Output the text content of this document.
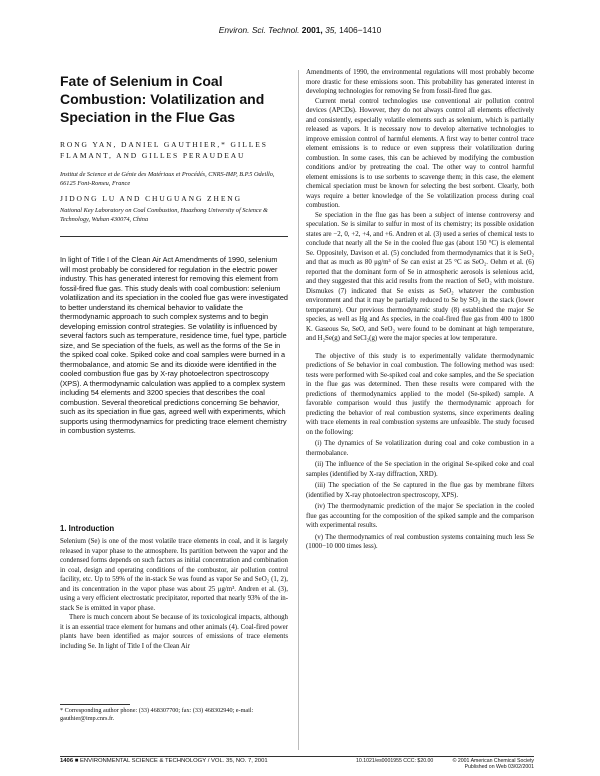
Environ. Sci. Technol. 2001, 35, 1406−1410
Fate of Selenium in Coal Combustion: Volatilization and Speciation in the Flue Gas
RONG YAN, DANIEL GAUTHIER,* GILLES FLAMANT, AND GILLES PERAUDEAU
Institut de Science et de Génie des Matériaux et Procédés, CNRS-IMP, B.P.5 Odeillo, 66125 Font-Romeu, France
JIDONG LU AND CHUGUANG ZHENG
National Key Laboratory on Coal Combustion, Huazhong University of Science & Technology, Wuhan 430074, China

In light of Title I of the Clean Air Act Amendments of 1990, selenium will most probably be considered for regulation in the electric power industry. This has generated interest for removing this element from fossil-fired flue gas. This study deals with coal combustion: selenium volatilization and its speciation in the cooled flue gas were investigated to better understand its chemical behavior to validate the thermodynamic approach to such complex systems and to begin developing emission control strategies. Se volatility is influenced by several factors such as temperature, residence time, fuel type, particle size, and Se speciation of the fuels, as well as the forms of the Se in the spiked coal coke. Spiked coke and coal samples were burned in a thermobalance, and atomic Se and its dioxide were identified in the cooled combustion flue gas by X-ray photoelectron spectroscopy (XPS). A thermodynamic calculation was applied to a complex system including 54 elements and 3200 species that describes the coal combustion. Several theoretical predictions concerning Se behavior, such as its speciation in flue gas, agreed well with experiments, which supports using thermodynamics for predicting trace element chemistry in combustion systems.

1. Introduction

Selenium (Se) is one of the most volatile trace elements in coal, and it is largely released in vapor phase to the atmosphere. Its partition between the vapor and the condensed forms depends on such factors as initial concentration and combination in coal, design and operating conditions of the combustor, air pollution control facility, etc. Up to 59% of the in-stack Se was found as vapor Se and SeO₂ (1, 2), and its concentration in the vapor phase was about 25 μg/m³. Andren et al. (3), using a very efficient electrostatic precipitator, reported that nearly 93% of the in-stack Se is emitted in vapor phase.

There is much concern about Se because of its toxicological impacts, although it is an essential trace element for humans and other animals (4). Coal-fired power plants have been identified as major sources of emissions of trace elements including Se. In light of Title I of the Clean Air

* Corresponding author phone: (33) 468307700; fax: (33) 468302940; e-mail: gauthier@imp.cnrs.fr.

Amendments of 1990, the environmental regulations will most probably become more drastic for these emissions soon. This probability has generated interest in developing technologies for removing Se from fossil-fired flue gas.

Current metal control technologies use conventional air pollution control devices (APCDs). However, they do not always control all elements effectively and consistently, especially volatile elements such as selenium, which is partially released as vapors. It is necessary now to develop alternative technologies to improve emission control of harmful elements. A first way to better control trace element emissions is to reduce or even suppress their volatilization during combustion. In some cases, this can be achieved by modifying the combustion conditions and/or by pretreating the coal. The other way to control harmful element emissions is to use sorbents to scavenge them; in this case, the element chemical speciation must be known for selecting the best sorbent. Clearly, both ways require a better knowledge of the Se volatilization process during coal combustion.

Se speciation in the flue gas has been a subject of intense controversy and speculation. Se is similar to sulfur in most of its chemistry; its possible oxidation states are −2, 0, +2, +4, and +6. Andren et al. (3) used a series of chemical tests to conclude that nearly all the Se in the cooled flue gas (about 150 °C) is elemental Se. Oppositely, Davison et al. (5) concluded from thermodynamics that it is SeO₂ and that as much as 80 μg/m³ of Se can exist at 25 °C as SeO₂. Oehm et al. (6) reported that the dominant form of Se in atmospheric aerosols is selenious acid, and they suggested that this acid results from the reaction of SeO₂ with moisture. Dismukes (7) indicated that Se exists as SeO₂ whatever the combustion environment and that it may be partially reduced to Se by SO₂ in the stack (lower temperature). Our previous thermodynamic study (8) established the major Se species, as well as Hg and As species, in the coal-fired flue gas from 400 to 1800 K. Gaseous Se, SeO, and SeO₂ were found to be dominant at high temperature, and H₂Se(g) and SeCl₂(g) were the major species at low temperature.

The objective of this study is to experimentally validate thermodynamic predictions of Se behavior in coal combustion. The following method was used: tests were performed with Se-spiked coal and coke samples, and the Se speciation in the flue gas was determined. Then these results were compared with the predictions of thermodynamics applied to the model (Se-spiked) sample. A favorable comparison would thus justify the thermodynamic approach for predicting the behavior of real combustion systems, since experiments dealing with trace elements in real combustion systems are unfeasible. The study focused on the following:

(i) The dynamics of Se volatilization during coal and coke combustion in a thermobalance.

(ii) The influence of the Se speciation in the original Se-spiked coke and coal samples (identified by X-ray diffraction, XRD).

(iii) The speciation of the Se captured in the flue gas by membrane filters (identified by X-ray photoelectron spectroscopy, XPS).

(iv) The thermodynamic prediction of the major Se speciation in the cooled flue gas accounting for the composition of the spiked sample and the comparison with experimental results.

(v) The thermodynamics of real combustion systems containing much less Se (1000−10 000 times less).

1406 ■ ENVIRONMENTAL SCIENCE & TECHNOLOGY / VOL. 35, NO. 7, 2001	10.1021/es0001955 CCC: $20.00	© 2001 American Chemical Society
Published on Web 03/02/2001
